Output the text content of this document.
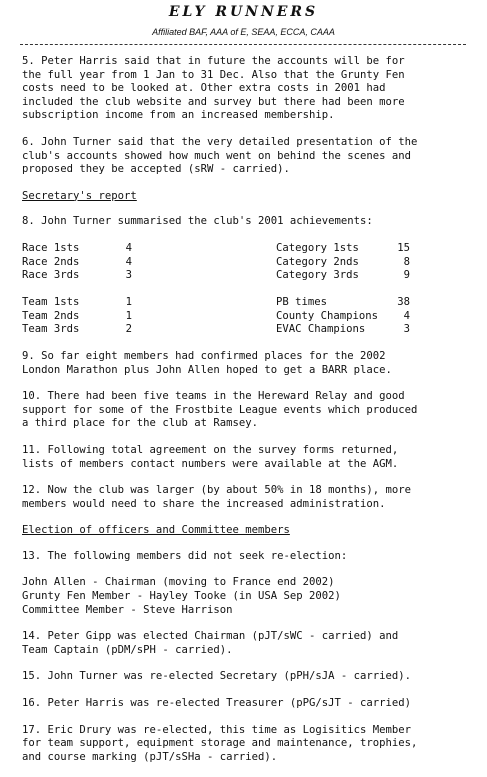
ELY RUNNERS
Affiliated BAF, AAA of E, SEAA, ECCA, CAAA

5. Peter Harris said that in future the accounts will be for
the full year from 1 Jan to 31 Dec. Also that the Grunty Fen
costs need to be looked at. Other extra costs in 2001 had
included the club website and survey but there had been more
subscription income from an increased membership.

6. John Turner said that the very detailed presentation of the
club's accounts showed how much went on behind the scenes and
proposed they be accepted (sRW - carried).

Secretary's report

8. John Turner summarised the club's 2001 achievements:

Race 1sts	4	Category 1sts	15
Race 2nds	4	Category 2nds	8
Race 3rds	3	Category 3rds	9
Team 1sts	1	PB times	38
Team 2nds	1	County Champions	4
Team 3rds	2	EVAC Champions	3

9. So far eight members had confirmed places for the 2002
London Marathon plus John Allen hoped to get a BARR place.

10. There had been five teams in the Hereward Relay and good
support for some of the Frostbite League events which produced
a third place for the club at Ramsey.

11. Following total agreement on the survey forms returned,
lists of members contact numbers were available at the AGM.

12. Now the club was larger (by about 50% in 18 months), more
members would need to share the increased administration.

Election of officers and Committee members

13. The following members did not seek re-election:

John Allen - Chairman (moving to France end 2002)
Grunty Fen Member - Hayley Tooke (in USA Sep 2002)
Committee Member - Steve Harrison

14. Peter Gipp was elected Chairman (pJT/sWC - carried) and
Team Captain (pDM/sPH - carried).

15. John Turner was re-elected Secretary (pPH/sJA - carried).

16. Peter Harris was re-elected Treasurer (pPG/sJT - carried)

17. Eric Drury was re-elected, this time as Logisitics Member
for team support, equipment storage and maintenance, trophies,
and course marking (pJT/sSHa - carried).
